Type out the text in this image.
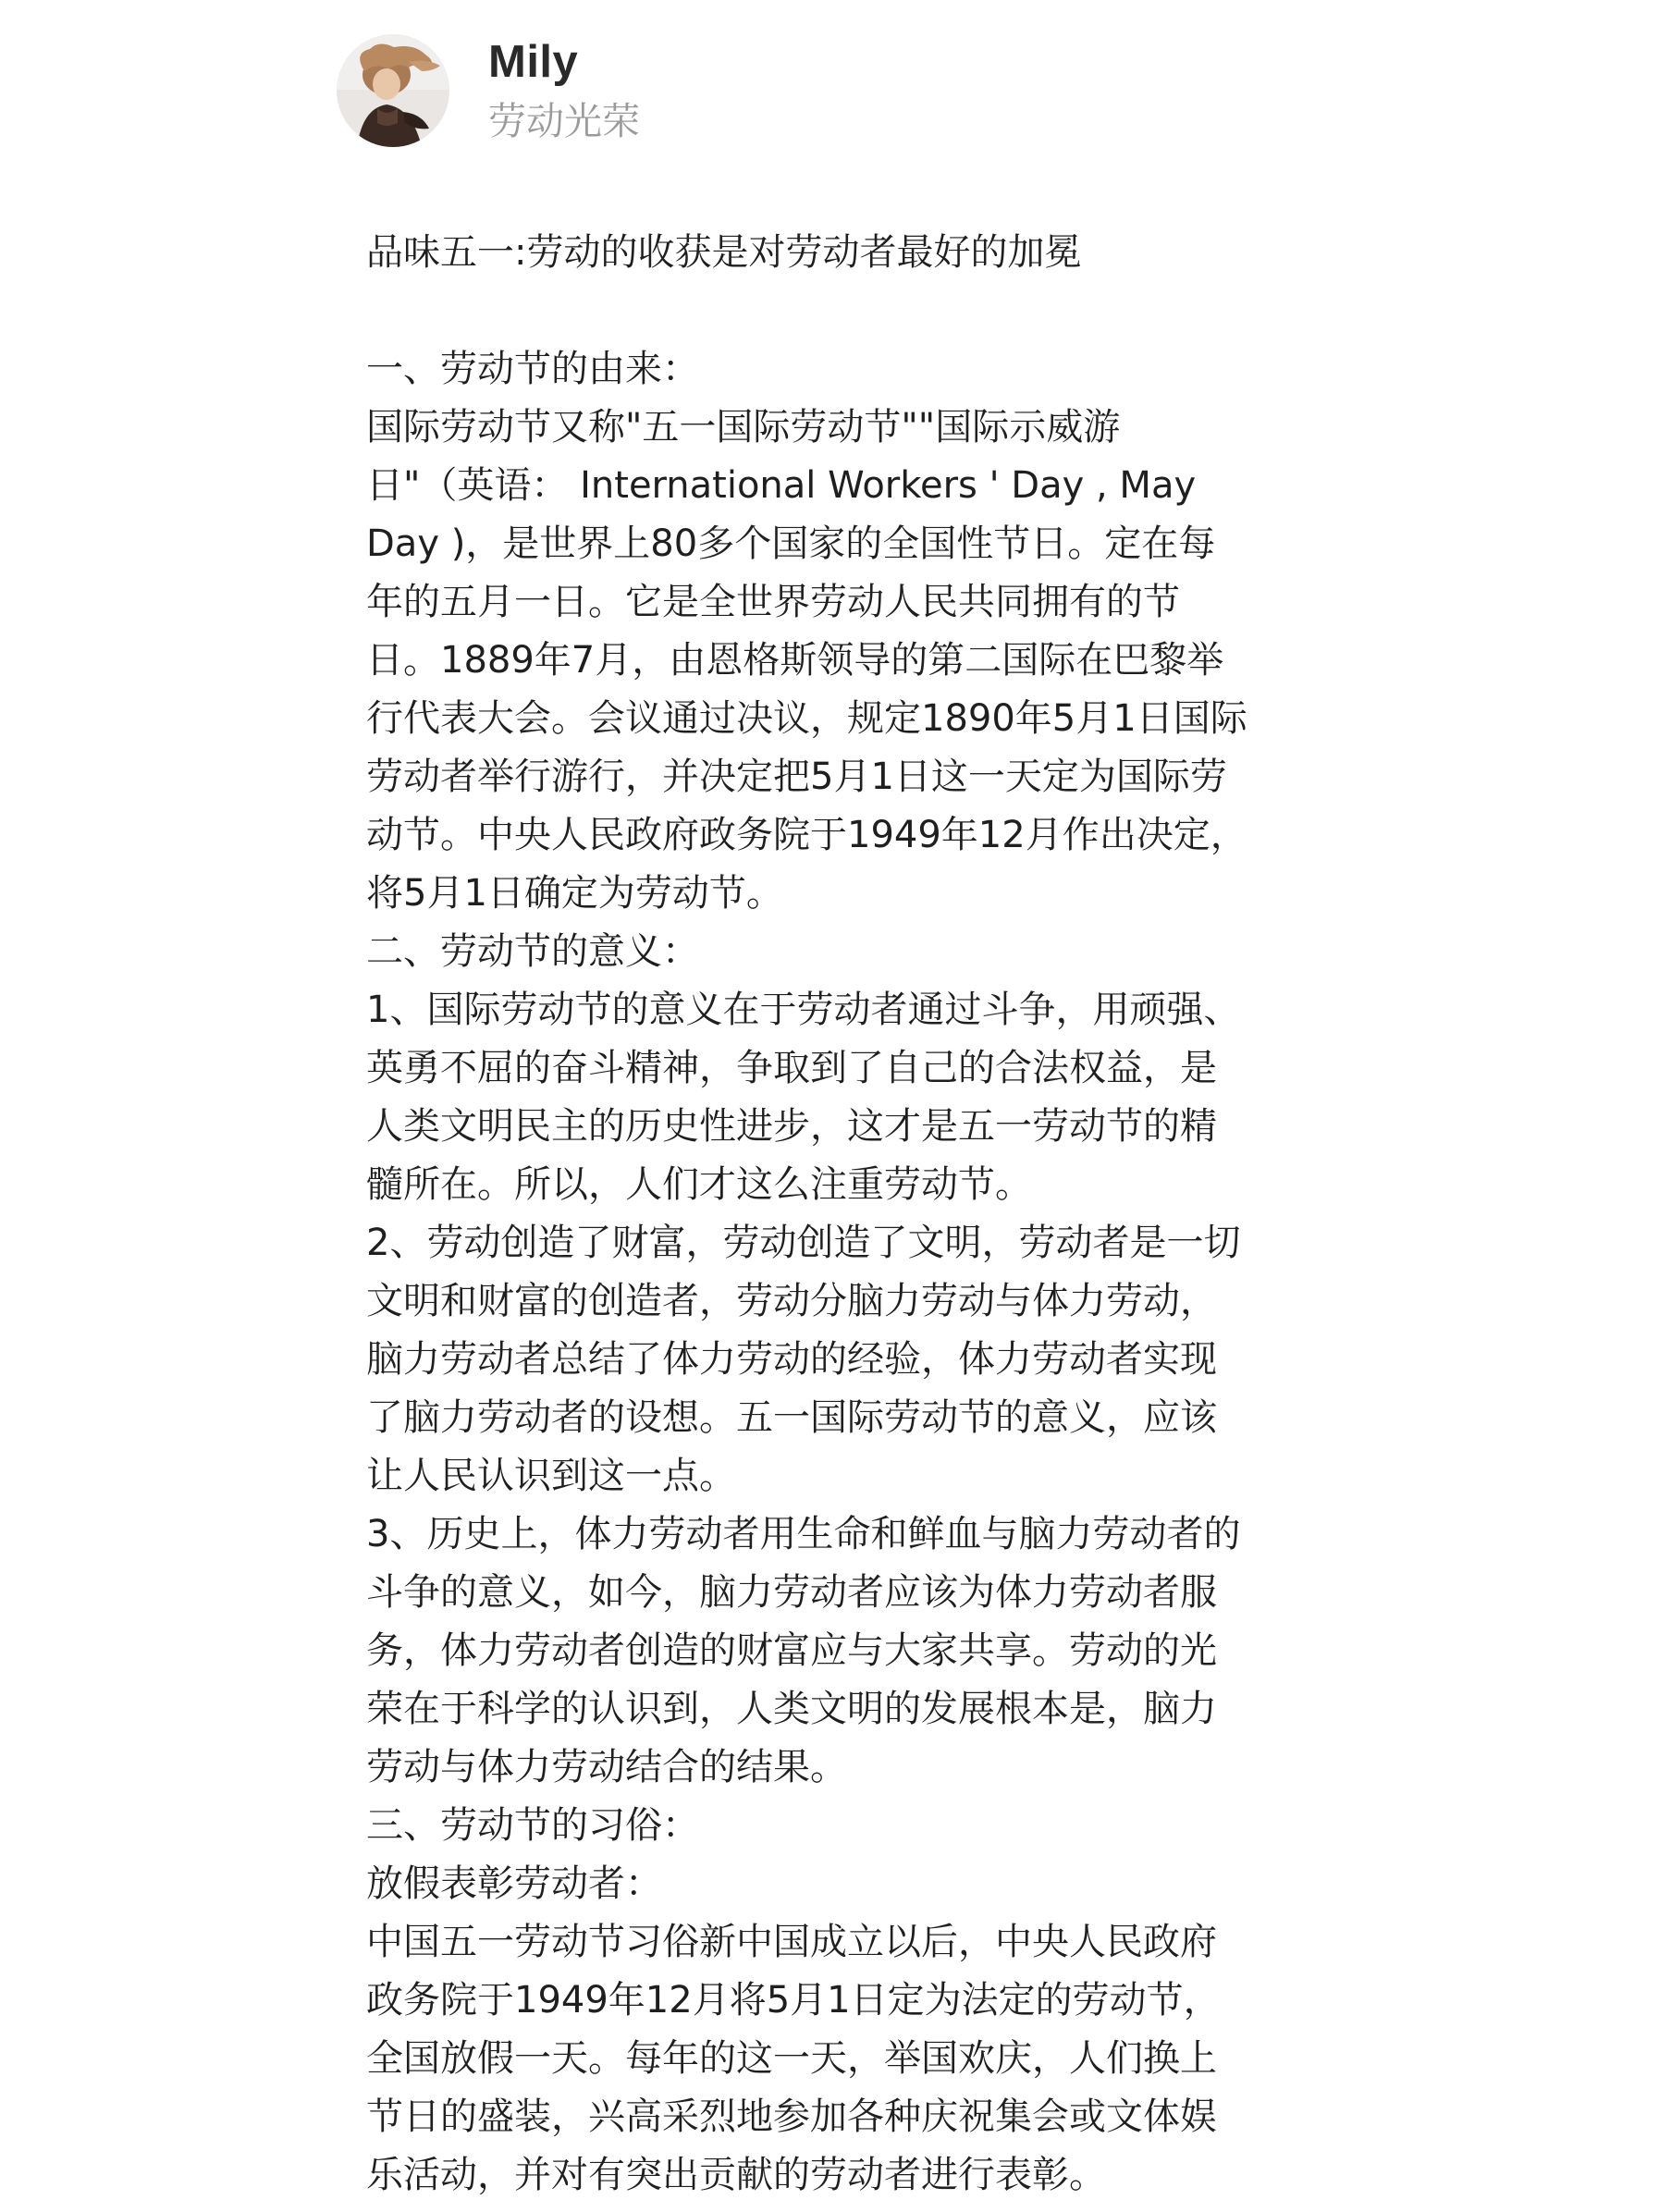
Mily
劳动光荣

品味五一:劳动的收获是对劳动者最好的加冕

一、劳动节的由来：

国际劳动节又称"五一国际劳动节""国际示威游

日"（英语： International Workers ' Day , May

Day )，是世界上80多个国家的全国性节日。定在每

年的五月一日。它是全世界劳动人民共同拥有的节

日。1889年7月，由恩格斯领导的第二国际在巴黎举

行代表大会。会议通过决议，规定1890年5月1日国际

劳动者举行游行，并决定把5月1日这一天定为国际劳

动节。中央人民政府政务院于1949年12月作出决定，

将5月1日确定为劳动节。

二、劳动节的意义：

1、国际劳动节的意义在于劳动者通过斗争，用顽强、

英勇不屈的奋斗精神，争取到了自己的合法权益，是

人类文明民主的历史性进步，这才是五一劳动节的精

髓所在。所以，人们才这么注重劳动节。

2、劳动创造了财富，劳动创造了文明，劳动者是一切

文明和财富的创造者，劳动分脑力劳动与体力劳动，

脑力劳动者总结了体力劳动的经验，体力劳动者实现

了脑力劳动者的设想。五一国际劳动节的意义，应该

让人民认识到这一点。

3、历史上，体力劳动者用生命和鲜血与脑力劳动者的

斗争的意义，如今，脑力劳动者应该为体力劳动者服

务，体力劳动者创造的财富应与大家共享。劳动的光

荣在于科学的认识到，人类文明的发展根本是，脑力

劳动与体力劳动结合的结果。

三、劳动节的习俗：

放假表彰劳动者：

中国五一劳动节习俗新中国成立以后，中央人民政府

政务院于1949年12月将5月1日定为法定的劳动节，

全国放假一天。每年的这一天，举国欢庆，人们换上

节日的盛装，兴高采烈地参加各种庆祝集会或文体娱

乐活动，并对有突出贡献的劳动者进行表彰。
